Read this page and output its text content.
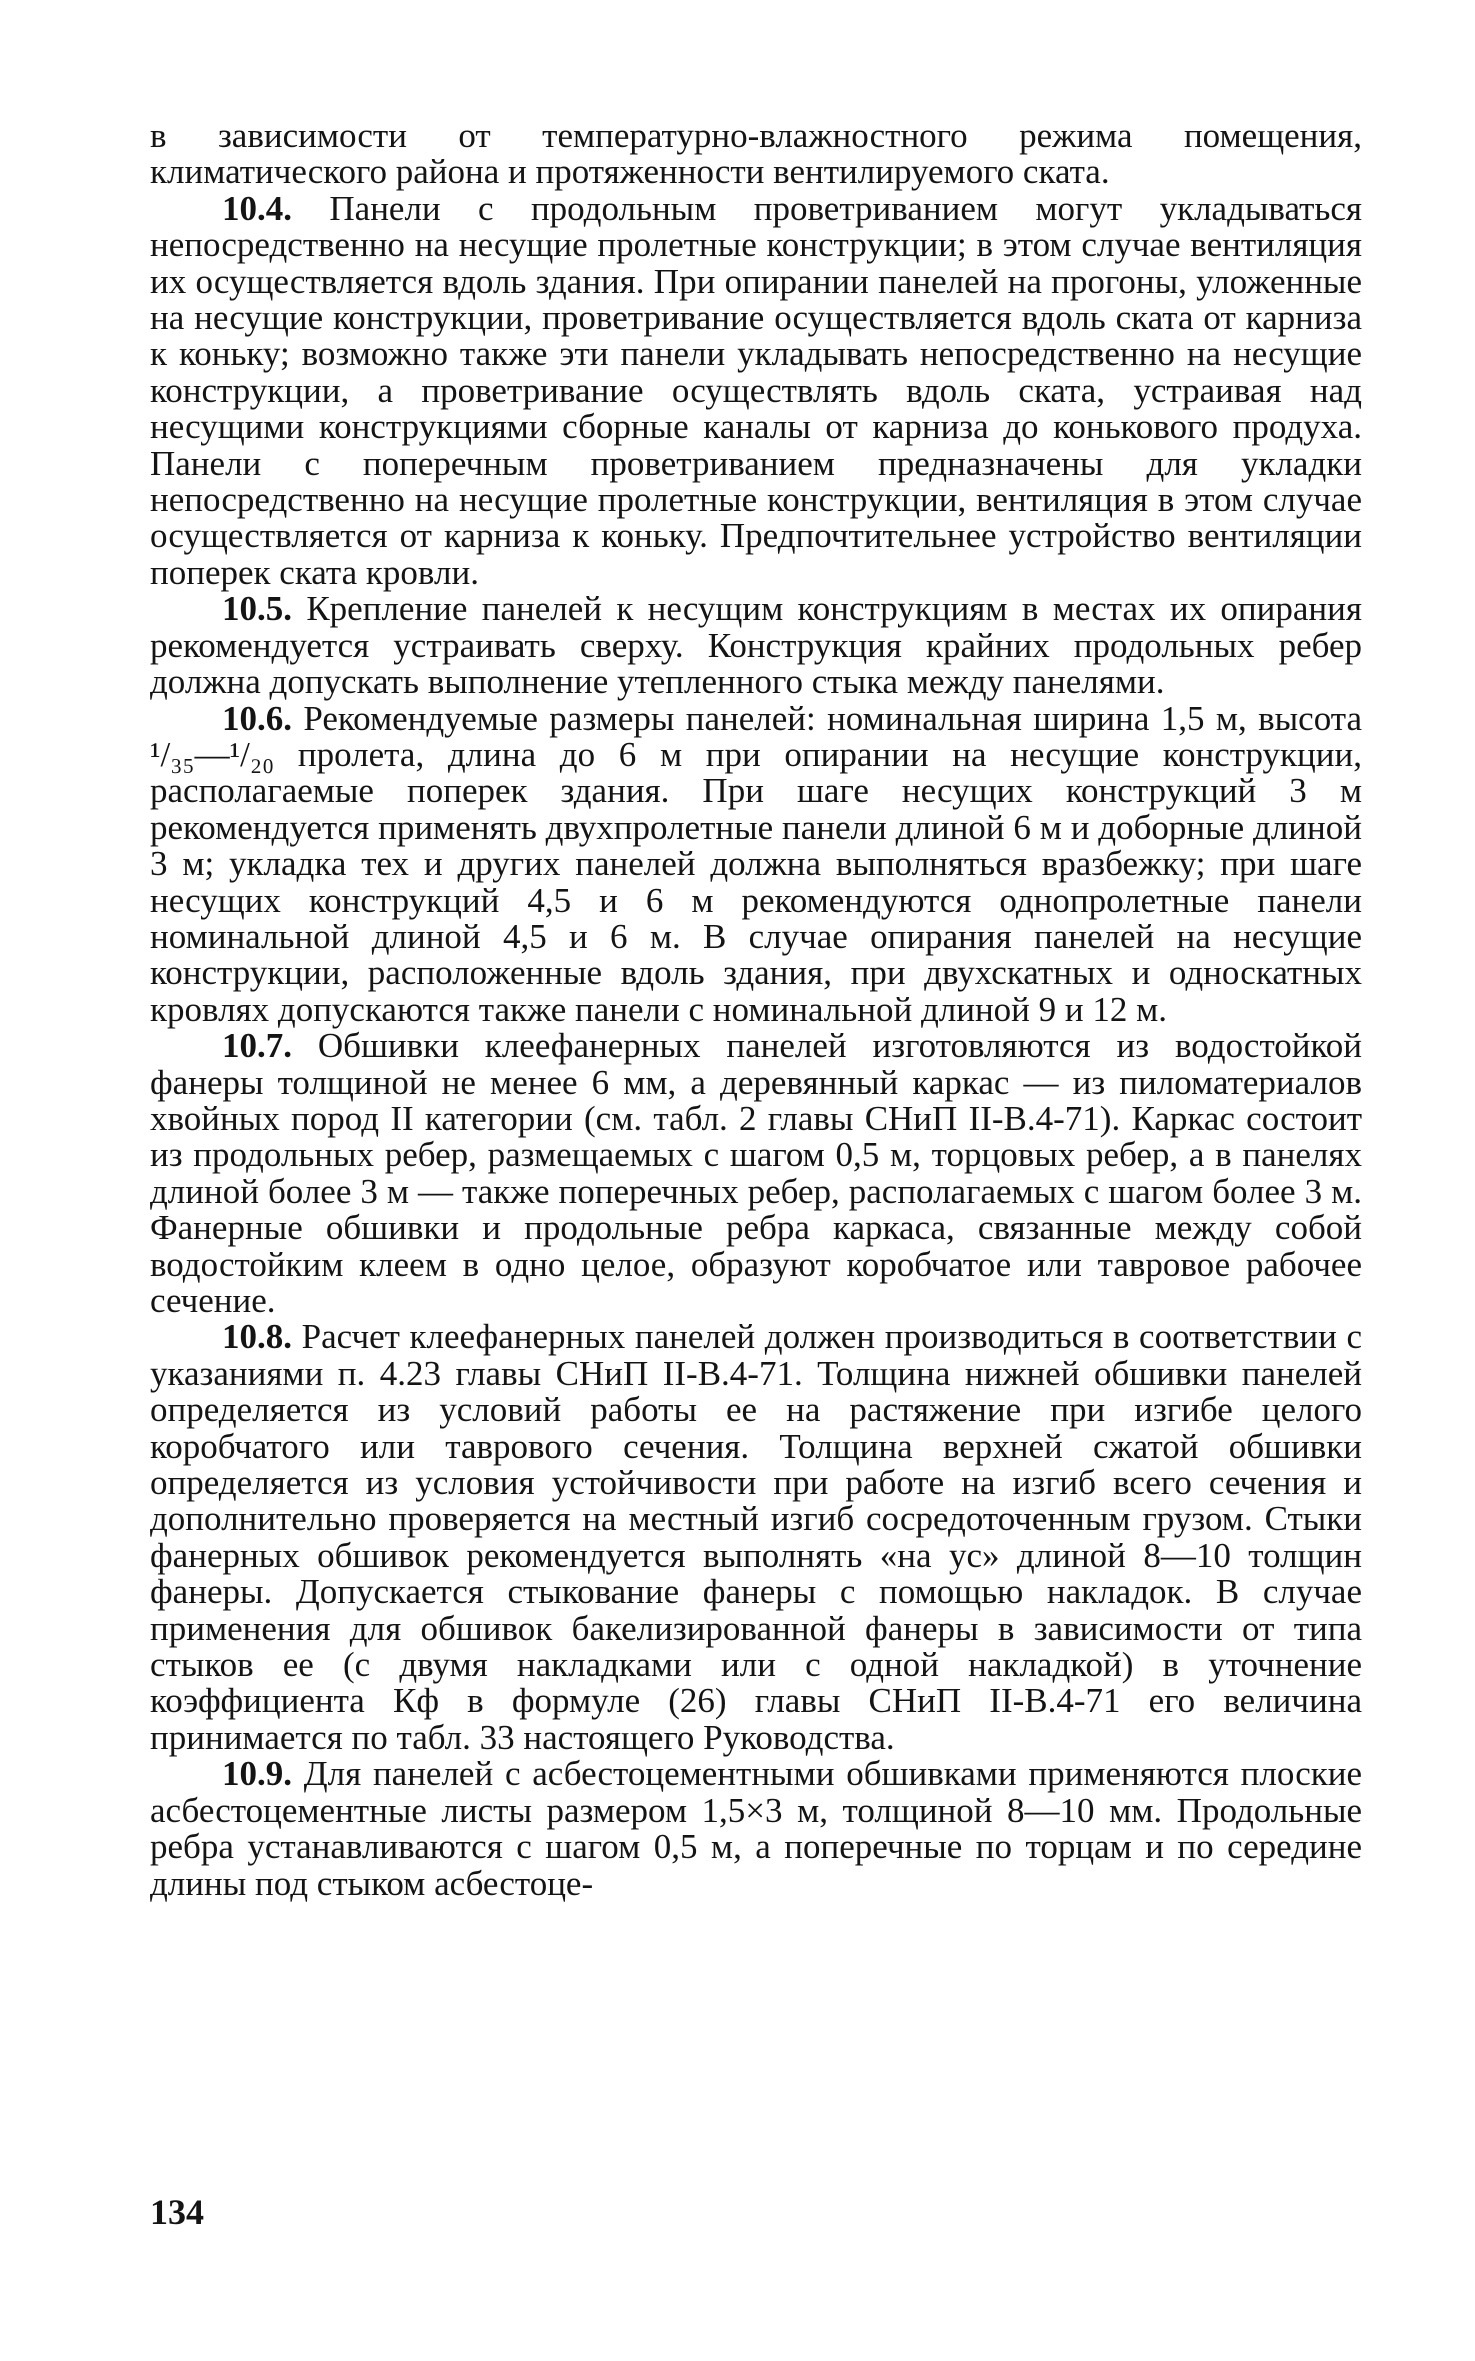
в зависимости от температурно-влажностного режима помещения, климатического района и протяженности вентилируемого ската.

10.4. Панели с продольным проветриванием могут укладываться непосредственно на несущие пролетные конструкции; в этом случае вентиляция их осуществляется вдоль здания. При опирании панелей на прогоны, уложенные на несущие конструкции, проветривание осуществляется вдоль ската от карниза к коньку; возможно также эти панели укладывать непосредственно на несущие конструкции, а проветривание осуществлять вдоль ската, устраивая над несущими конструкциями сборные каналы от карниза до конькового продуха. Панели с поперечным проветриванием предназначены для укладки непосредственно на несущие пролетные конструкции, вентиляция в этом случае осуществляется от карниза к коньку. Предпочтительнее устройство вентиляции поперек ската кровли.

10.5. Крепление панелей к несущим конструкциям в местах их опирания рекомендуется устраивать сверху. Конструкция крайних продольных ребер должна допускать выполнение утепленного стыка между панелями.

10.6. Рекомендуемые размеры панелей: номинальная ширина 1,5 м, высота ¹/₃₅—¹/₂₀ пролета, длина до 6 м при опирании на несущие конструкции, располагаемые поперек здания. При шаге несущих конструкций 3 м рекомендуется применять двухпролетные панели длиной 6 м и доборные длиной 3 м; укладка тех и других панелей должна выполняться вразбежку; при шаге несущих конструкций 4,5 и 6 м рекомендуются однопролетные панели номинальной длиной 4,5 и 6 м. В случае опирания панелей на несущие конструкции, расположенные вдоль здания, при двухскатных и односкатных кровлях допускаются также панели с номинальной длиной 9 и 12 м.

10.7. Обшивки клеефанерных панелей изготовляются из водостойкой фанеры толщиной не менее 6 мм, а деревянный каркас — из пиломатериалов хвойных пород II категории (см. табл. 2 главы СНиП II-В.4-71). Каркас состоит из продольных ребер, размещаемых с шагом 0,5 м, торцовых ребер, а в панелях длиной более 3 м — также поперечных ребер, располагаемых с шагом более 3 м. Фанерные обшивки и продольные ребра каркаса, связанные между собой водостойким клеем в одно целое, образуют коробчатое или тавровое рабочее сечение.

10.8. Расчет клеефанерных панелей должен производиться в соответствии с указаниями п. 4.23 главы СНиП II-В.4-71. Толщина нижней обшивки панелей определяется из условий работы ее на растяжение при изгибе целого коробчатого или таврового сечения. Толщина верхней сжатой обшивки определяется из условия устойчивости при работе на изгиб всего сечения и дополнительно проверяется на местный изгиб сосредоточенным грузом. Стыки фанерных обшивок рекомендуется выполнять «на ус» длиной 8—10 толщин фанеры. Допускается стыкование фанеры с помощью накладок. В случае применения для обшивок бакелизированной фанеры в зависимости от типа стыков ее (с двумя накладками или с одной накладкой) в уточнение коэффициента Кф в формуле (26) главы СНиП II-В.4-71 его величина принимается по табл. 33 настоящего Руководства.

10.9. Для панелей с асбестоцементными обшивками применяются плоские асбестоцементные листы размером 1,5×3 м, толщиной 8—10 мм. Продольные ребра устанавливаются с шагом 0,5 м, а поперечные по торцам и по середине длины под стыком асбестоце-

134
